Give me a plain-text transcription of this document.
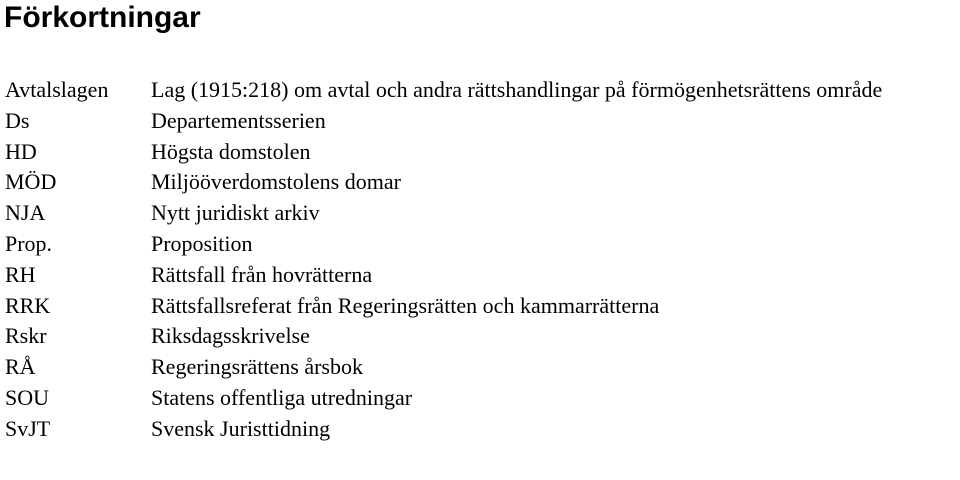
Förkortningar
Avtalslagen	Lag (1915:218) om avtal och andra rättshandlingar på förmögenhetsrättens område
Ds	Departementsserien
HD	Högsta domstolen
MÖD	Miljööverdomstolens domar
NJA	Nytt juridiskt arkiv
Prop.	Proposition
RH	Rättsfall från hovrätterna
RRK	Rättsfallsreferat från Regeringsrätten och kammarrätterna
Rskr	Riksdagsskrivelse
RÅ	Regeringsrättens årsbok
SOU	Statens offentliga utredningar
SvJT	Svensk Juristtidning
